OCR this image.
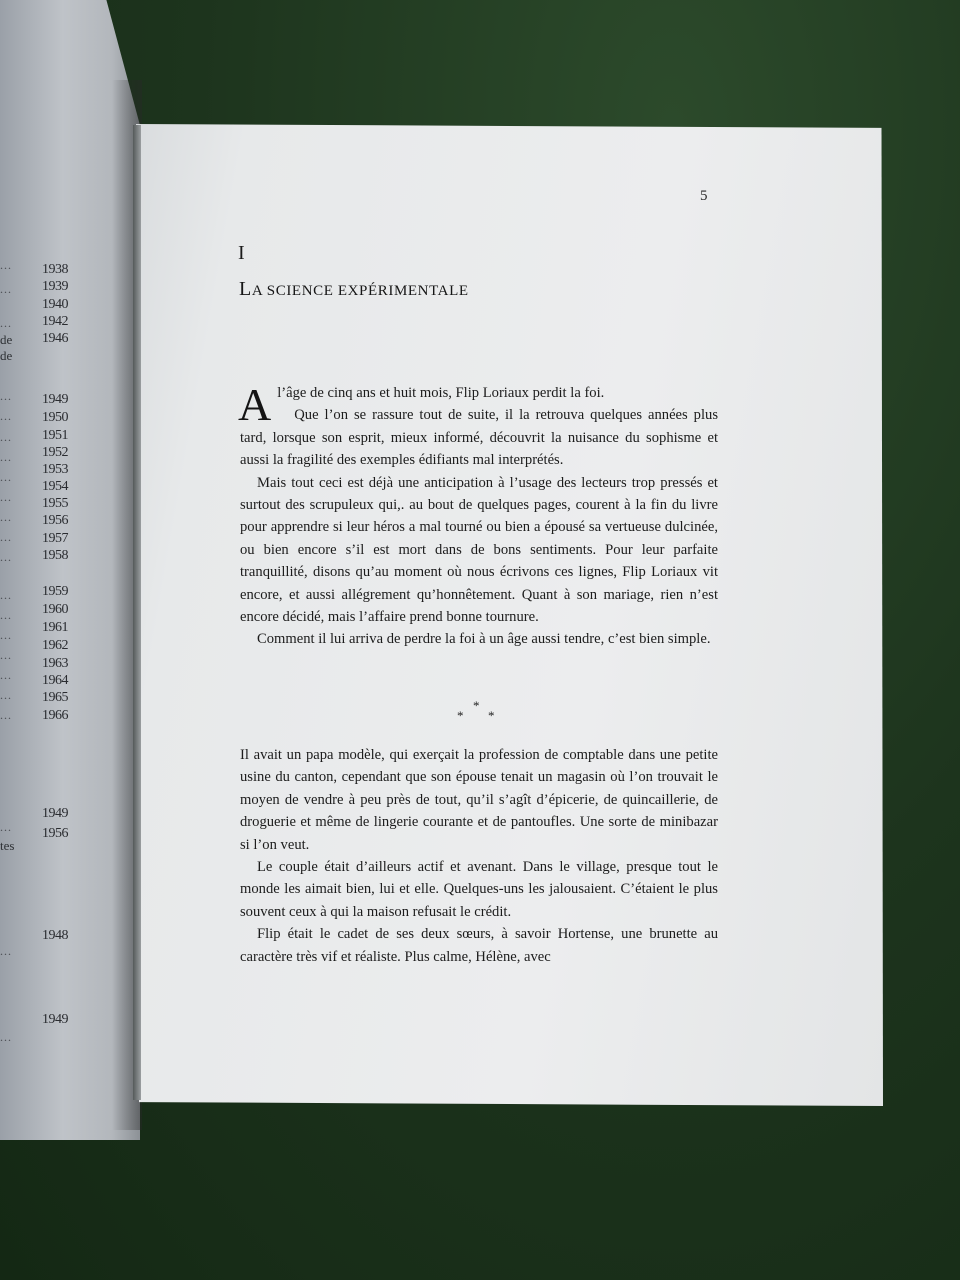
... 1938
... 1939
1940
... 1942
de 1946
de
... 1949
... 1950
... 1951
... 1952
... 1953
...
1954
...
1955
...
1956
...
1957
1958
... 1959
... 1960
... 1961
...
1962
...
1963
...
1964
...
1965
1966
1949
... 1956
tes
1948
...
1949
...
5
I
LA SCIENCE EXPÉRIMENTALE

Al’âge de cinq ans et huit mois, Flip Loriaux perdit la foi.

Que l’on se rassure tout de suite, il la retrouva quelques années plus tard, lorsque son esprit, mieux informé, découvrit la nuisance du sophisme et aussi la fragilité des exemples édifiants mal interprétés.

Mais tout ceci est déjà une anticipation à l’usage des lecteurs trop pressés et surtout des scrupuleux qui,. au bout de quelques pages, courent à la fin du livre pour apprendre si leur héros a mal tourné ou bien a épousé sa vertueuse dulcinée, ou bien encore s’il est mort dans de bons sentiments. Pour leur parfaite tranquillité, disons qu’au moment où nous écrivons ces lignes, Flip Loriaux vit encore, et aussi allégrement qu’honnêtement. Quant à son mariage, rien n’est encore décidé, mais l’affaire prend bonne tournure.

Comment il lui arriva de perdre la foi à un âge aussi tendre, c’est bien simple.

*
* *

Il avait un papa modèle, qui exerçait la profession de comptable dans une petite usine du canton, cependant que son épouse tenait un magasin où l’on trouvait le moyen de vendre à peu près de tout, qu’il s’agît d’épicerie, de quincaillerie, de droguerie et même de lingerie courante et de pantoufles. Une sorte de minibazar si l’on veut.

Le couple était d’ailleurs actif et avenant. Dans le village, presque tout le monde les aimait bien, lui et elle. Quelques-uns les jalousaient. C’étaient le plus souvent ceux à qui la maison refusait le crédit.

Flip était le cadet de ses deux sœurs, à savoir Hortense, une brunette au caractère très vif et réaliste. Plus calme, Hélène, avec
